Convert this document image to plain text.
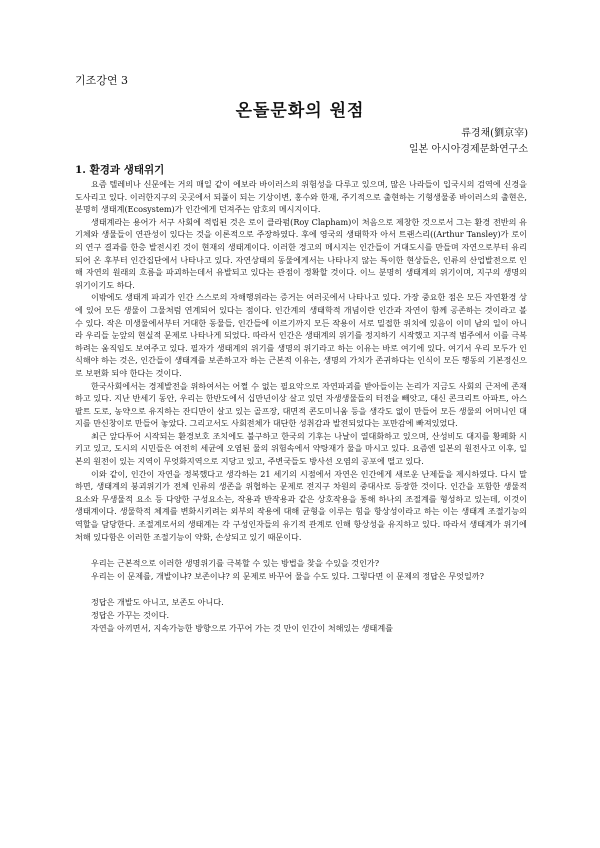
기조강연 3
온돌문화의 원점
류경채(劉京宰)
일본 아시아경제문화연구소
1. 환경과 생태위기

요즘 텔레비나 신문에는 거의 매일 같이 에보라 바이러스의 위험성을 다루고 있으며, 많은 나라들이 입국시의 검역에 신경을 도사리고 있다. 이러한지구의 곳곳에서 되풀이 되는 기상이변, 홍수와 한재, 주기적으로 출현하는 기형생물종 바이러스의 출현은, 분명히 생태계(Ecosystem)가 인간에게 던져주는 암호의 메시지이다.

생태계라는 용어가 서구 사회에 적립된 것은 로이 클라펌(Roy Clapham)이 처음으로 제창한 것으로서 그는 환경 전반의 유기체와 생물들이 연관성이 있다는 것을 이론적으로 주장하였다. 후에 영국의 생태학자 아서 트랜스리((Arthur Tansley)가 로이의 연구 결과를 한층 발전시킨 것이 현재의 생태계이다. 이러한 경고의 메시지는 인간들이 거대도시를 만들며 자연으로부터 유리되어 온 후부터 인간집단에서 나타나고 있다. 자연상태의 동물에게서는 나타나지 않는 특이한 현상들은, 인류의 산업발전으로 인해 자연의 원래의 흐름을 파괴하는데서 유발되고 있다는 관점이 정확할 것이다. 이느 분명히 생태계의 위기이며, 지구의 생명의 위기이기도 하다.

이밖에도 생태계 파괴가 인간 스스로의 자해행위라는 증거는 여러곳에서 나타나고 있다. 가장 중요한 점은 모든 자연환경 상에 있어 모든 생물이 그물처럼 연계되어 있다는 점이다. 인간계의 생태학적 개념이란 인간과 자연이 함께 공존하는 것이라고 볼 수 있다. 작은 미생물에서부터 거대한 동물들, 인간들에 이르기까지 모든 작용이 서로 밀접한 위치에 있음이 이미 남의 일이 아니라 우리들 눈앞의 현실적 문제로 나타나게 되었다. 따라서 인간은 생태계의 위기를 정지하기 시작했고 지구적 범주에서 이를 극복하려는 움직임도 보여주고 있다. 필자가 생태계의 위기를 생명의 위기라고 하는 이유는 바로 여기에 있다. 여기서 우리 모두가 인식해야 하는 것은, 인간들이 생태계를 보존하고자 하는 근본적 이유는, 생명의 가치가 존귀하다는 인식이 모든 행동의 기본정신으로 보편화 되야 한다는 것이다.

한국사회에서는 경제발전을 위하여서는 어쩔 수 없는 필요악으로 자연파괴를 받아들이는 논리가 지금도 사회의 근저에 존재하고 있다. 지난 반세기 동안, 우리는 한반도에서 십만년이상 살고 있던 자생생물들의 터전을 빼앗고, 대신 콘크리트 아파트, 아스팔트 도로, 농약으로 유지하는 잔디만이 살고 있는 골프장, 대면적 콘도미니움 등을 생각도 없이 만들어 모든 생물의 어머니인 대지를 만신창이로 만들어 놓았다. 그리고서도 사회전체가 대단한 성취감과 발전되었다는 포만감에 빠져있었다.

최근 앞다투어 시작되는 환경보호 조치에도 불구하고 한국의 기후는 나날이 열대화하고 있으며, 산성비도 대지를 황폐화 시키고 있고, 도시의 시민들은 여전히 세균에 오염된 물의 위험속에서 약탕재가 물을 마시고 있다. 요즘엔 일본의 원전사고 이후, 일본의 원전이 있는 지역이 무엇화지역으로 지당고 있고, 주변국들도 방사선 오염의 공포에 떨고 있다.

이와 같이, 인간이 자연을 정복했다고 생각하는 21 세기의 시점에서 자연은 인간에게 새로운 난제들을 제시하였다. 다시 말하면, 생태계의 붕괴위기가 전체 인류의 생존을 위협하는 문제로 전지구 차원의 중대사로 등장한 것이다. 인간을 포함한 생물적 요소와 무생물적 요소 등 다양한 구성요소는, 작용과 반작용과 같은 상호작용을 통해 하나의 조절계를 형성하고 있는데, 이것이 생태계이다. 생물학적 체계를 변화시키려는 외부의 작용에 대해 균형을 이루는 힘을 항상성이라고 하는 이는 생태계 조절기능의 역할을 담당한다. 조절계로서의 생태계는 각 구성인자들의 유기적 관계로 인해 항상성을 유지하고 있다. 따라서 생태계가 위기에 처해 있다함은 이러한 조절기능이 약화, 손상되고 있기 때문이다.

우리는 근본적으로 이러한 생명위기를 극복할 수 있는 방법을 찾을 수있을 것인가?

우리는 이 문제를, 개발이냐? 보존이냐? 의 문제로 바꾸어 물을 수도 있다. 그렇다면 이 문제의 정답은 무엇일까?

정답은 개발도 아니고, 보존도 아니다.

정답은 가꾸는 것이다.

자연을 아끼면서, 지속가능한 방향으로 가꾸어 가는 것 만이 인간이 처해있는 생태계를
